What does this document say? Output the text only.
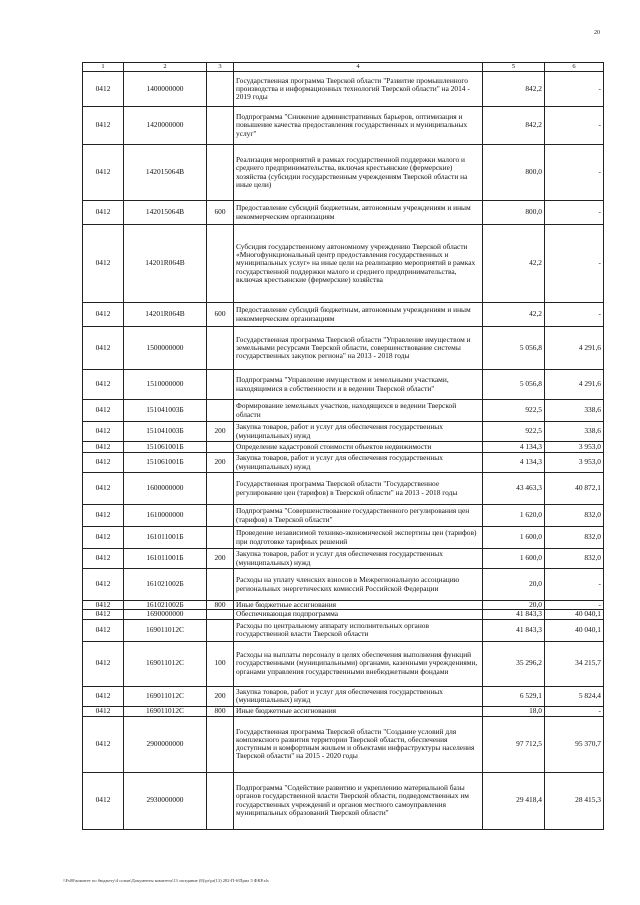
20
1	2	3	4	5	6
0412	1400000000		Государственная программа Тверской области "Развитие промышленного производства и информационных технологий Тверской области" на 2014 - 2019 годы	842,2	-
0412	1420000000		Подпрограмма "Снижение административных барьеров, оптимизация и повышение качества предоставления государственных и муниципальных услуг"	842,2	-
0412	142015064В		Реализация мероприятий в рамках государственной поддержки малого и среднего предпринимательства, включая крестьянские (фермерские) хозяйства (субсидии государственным учреждениям Тверской области на иные цели)	800,0	-
0412	142015064В	600	Предоставление субсидий бюджетным, автономным учреждениям и иным некоммерческим организациям	800,0	-
0412	14201R064В		Субсидия государственному автономному учреждению Тверской области «Многофункциональный центр предоставления государственных и муниципальных услуг» на иные цели на реализацию мероприятий в рамках государственной поддержки малого и среднего предпринимательства, включая крестьянские (фермерские) хозяйства	42,2	-
0412	14201R064В	600	Предоставление субсидий бюджетным, автономным учреждениям и иным некоммерческим организациям	42,2	-
0412	1500000000		Государственная программа Тверской области "Управление имуществом и земельными ресурсами Тверской области, совершенствование системы государственных закупок региона" на 2013 - 2018 годы	5 056,8	4 291,6
0412	1510000000		Подпрограмма "Управление имуществом и земельными участками, находящимися в собственности и в ведении Тверской области"	5 056,8	4 291,6
0412	151041003Б		Формирование земельных участков, находящихся в ведении Тверской области	922,5	338,6
0412	151041003Б	200	Закупка товаров, работ и услуг для обеспечения государственных (муниципальных) нужд	922,5	338,6
0412	151061001Б		Определение кадастровой стоимости объектов недвижимости	4 134,3	3 953,0
0412	151061001Б	200	Закупка товаров, работ и услуг для обеспечения государственных (муниципальных) нужд	4 134,3	3 953,0
0412	1600000000		Государственная программа Тверской области "Государственное регулирование цен (тарифов) в Тверской области" на 2013 - 2018 годы	43 463,3	40 872,1
0412	1610000000		Подпрограмма "Совершенствование государственного регулирования цен (тарифов) в Тверской области"	1 620,0	832,0
0412	161011001Б		Проведение независимой технико-экономической экспертизы цен (тарифов) при подготовке тарифных решений	1 600,0	832,0
0412	161011001Б	200	Закупка товаров, работ и услуг для обеспечения государственных (муниципальных) нужд	1 600,0	832,0
0412	161021002Б		Расходы на уплату членских взносов в Межрегиональную ассоциацию региональных энергетических комиссий Российской Федерации	20,0	-
0412	161021002Б	800	Иные бюджетные ассигнования	20,0	-
0412	1690000000		Обеспечивающая подпрограмма	41 843,3	40 040,1
0412	169011012С		Расходы по центральному аппарату исполнительных органов государственной власти Тверской области	41 843,3	40 040,1
0412	169011012С	100	Расходы на выплаты персоналу в целях обеспечения выполнения функций государственными (муниципальными) органами, казенными учреждениями, органами управления государственными внебюджетными фондами	35 296,2	34 215,7
0412	169011012С	200	Закупка товаров, работ и услуг для обеспечения государственных (муниципальных) нужд	6 529,1	5 824,4
0412	169011012С	800	Иные бюджетные ассигнования	18,0	-
0412	2900000000		Государственная программа Тверской области "Создание условий для комплексного развития территории Тверской области, обеспечения доступным и комфортным жильем и объектами инфраструктуры населения Тверской области" на 2015 - 2020 годы	97 712,5	95 370,7
0412	2930000000		Подпрограмма "Содействие развитию и укреплению материальной базы органов государственной власти Тверской области, подведомственных им государственных учреждений и органов местного самоуправления муниципальных образований Тверской области"	29 418,4	28 415,3
\\Fs00\комитет по бюджету\4 созыв\Документы комитета\13 заседание (8)\pr\pr(13) 282-П-6\Прил 5 ФКР.xls
